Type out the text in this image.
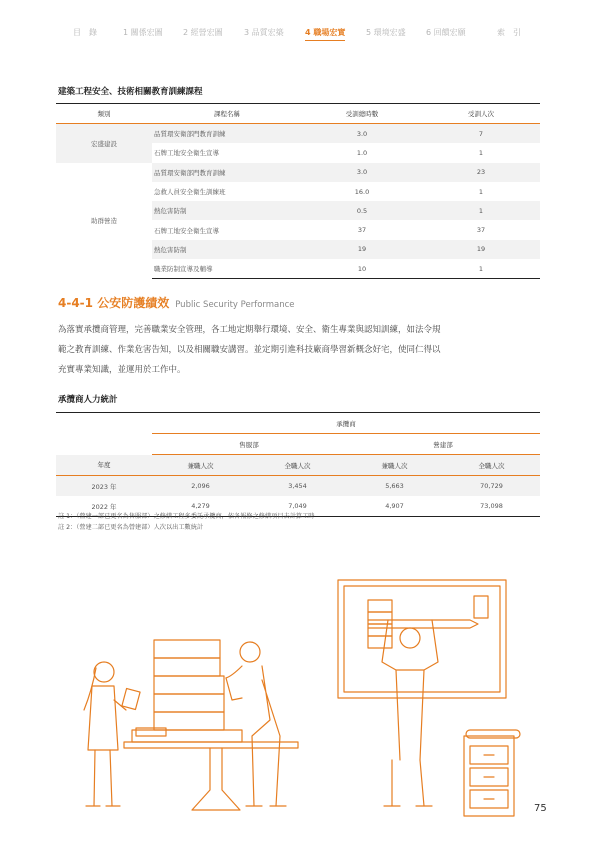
目　錄	1 關係宏圖	2 經營宏圖	3 品質宏築	4 職場宏實	5 環境宏盛	6 回饋宏願	索　引
建築工程安全、技術相關教育訓練課程
類別	課程名稱	受訓總時數	受訓人次
宏盛建設	品質環安衛部門教育訓練	3.0	7
	石牌工地安全衛生宣導	1.0	1
助群營造	品質環安衛部門教育訓練	3.0	23
	急救人員安全衛生訓練班	16.0	1
	熱危害防制	0.5	1
	石牌工地安全衛生宣導	37	37
	熱危害防制	19	19
	職業防制宣導及輔導	10	1
4-4-1 公安防護績效 Public Security Performance
為落實承攬商管理，完善職業安全管理，各工地定期舉行環境、安全、衛生專業與認知訓練，如法令規
範之教育訓練、作業危害告知，以及相關職安講習。並定期引進科技廠商學習新概念好宅，使同仁得以
充實專業知識，並運用於工作中。
承攬商人力統計
	承攬商			
	售服部		營建部	
年度	兼職人次	全職人次	兼職人次	全職人次
2023 年	2,096	3,454	5,663	70,729
2022 年	4,279	7,049	4,907	73,098
註 1：（營建一部已更名為售服部）之修繕工程多委託承攬商，依各報修之修繕項目去計算工時
註 2：（營建二部已更名為營建部）人次以出工數統計
75
